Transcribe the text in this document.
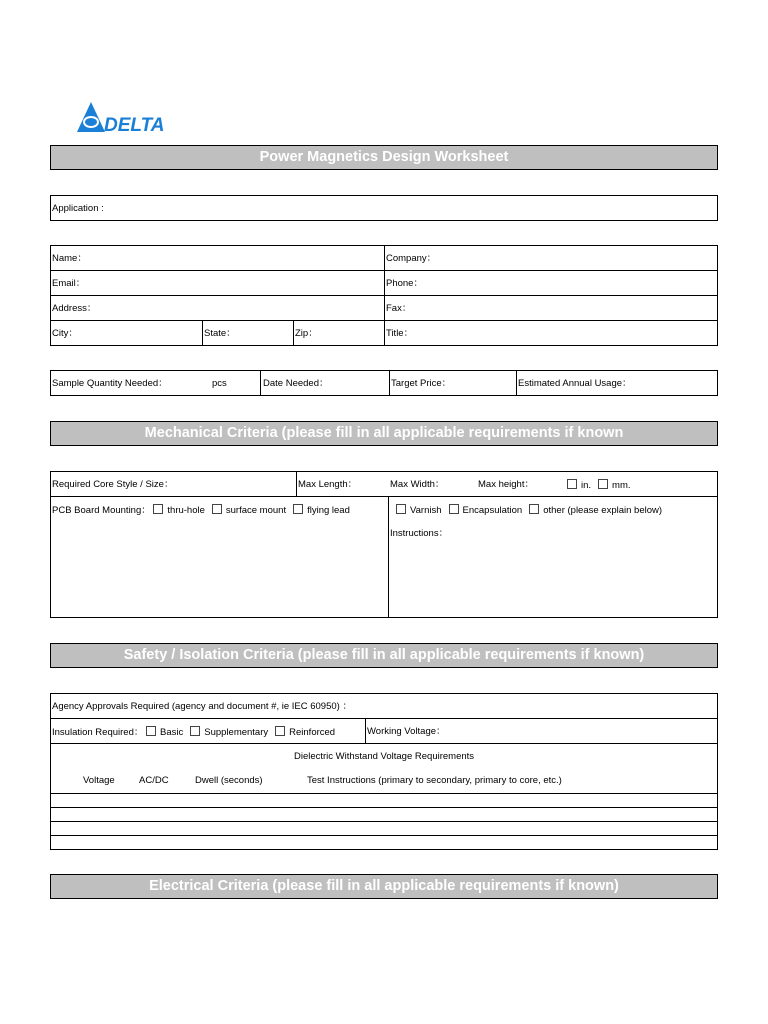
DELTA
Power Magnetics Design Worksheet
Application :
Name：	Company：
Email：	Phone：
Address：	Fax：
City：	State：	Zip：	Title：
Sample Quantity Needed：	pcs	Date Needed：	Target Price：	Estimated Annual Usage：
Mechanical Criteria (please fill in all applicable requirements if known
Required Core Style / Size：	Max Length：	Max Width：	Max height：	in. mm.
PCB Board Mounting： thru-hole surface mount flying lead	Varnish Encapsulation other (please explain below)
Instructions：
Safety / Isolation Criteria (please fill in all applicable requirements if known)
Agency Approvals Required (agency and document #, ie IEC 60950) ：
Insulation Required： Basic Supplementary Reinforced	Working Voltage：
Dielectric Withstand Voltage Requirements
Voltage	AC/DC	Dwell (seconds)	Test Instructions (primary to secondary, primary to core, etc.)
Electrical Criteria (please fill in all applicable requirements if known)
